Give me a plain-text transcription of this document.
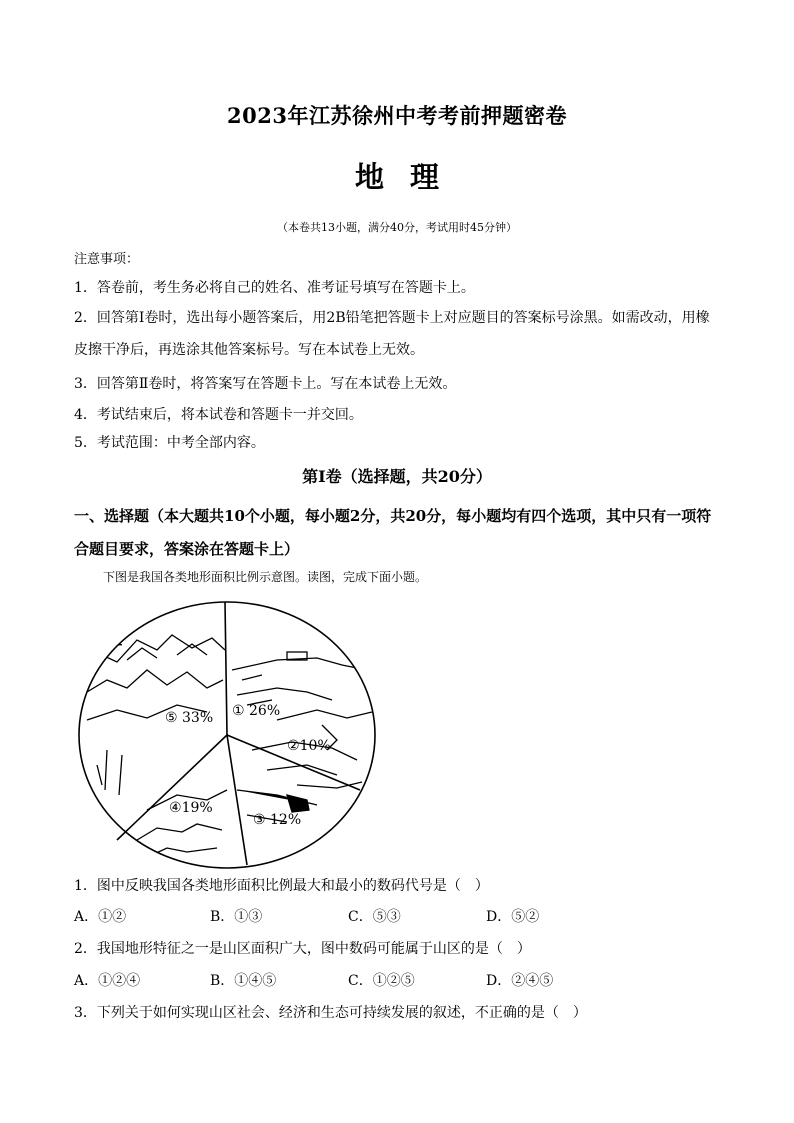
2023年江苏徐州中考考前押题密卷
地理
（本卷共13小题，满分40分，考试用时45分钟）
注意事项：
1．答卷前，考生务必将自己的姓名、准考证号填写在答题卡上。
2．回答第Ⅰ卷时，选出每小题答案后，用2B铅笔把答题卡上对应题目的答案标号涂黑。如需改动，用橡皮擦干净后，再选涂其他答案标号。写在本试卷上无效。
3．回答第Ⅱ卷时，将答案写在答题卡上。写在本试卷上无效。
4．考试结束后，将本试卷和答题卡一并交回。
5．考试范围：中考全部内容。
第Ⅰ卷（选择题，共20分）
一、选择题（本大题共10个小题，每小题2分，共20分，每小题均有四个选项，其中只有一项符合题目要求，答案涂在答题卡上）
下图是我国各类地形面积比例示意图。读图，完成下面小题。
⑤ 33% ① 26%
②10%
④19%
③ 12%
1．图中反映我国各类地形面积比例最大和最小的数码代号是（　）
A．①②	B．①③	C．⑤③	D．⑤②
2．我国地形特征之一是山区面积广大，图中数码可能属于山区的是（　）
A．①②④	B．①④⑤	C．①②⑤	D．②④⑤
3．下列关于如何实现山区社会、经济和生态可持续发展的叙述，不正确的是（　）
